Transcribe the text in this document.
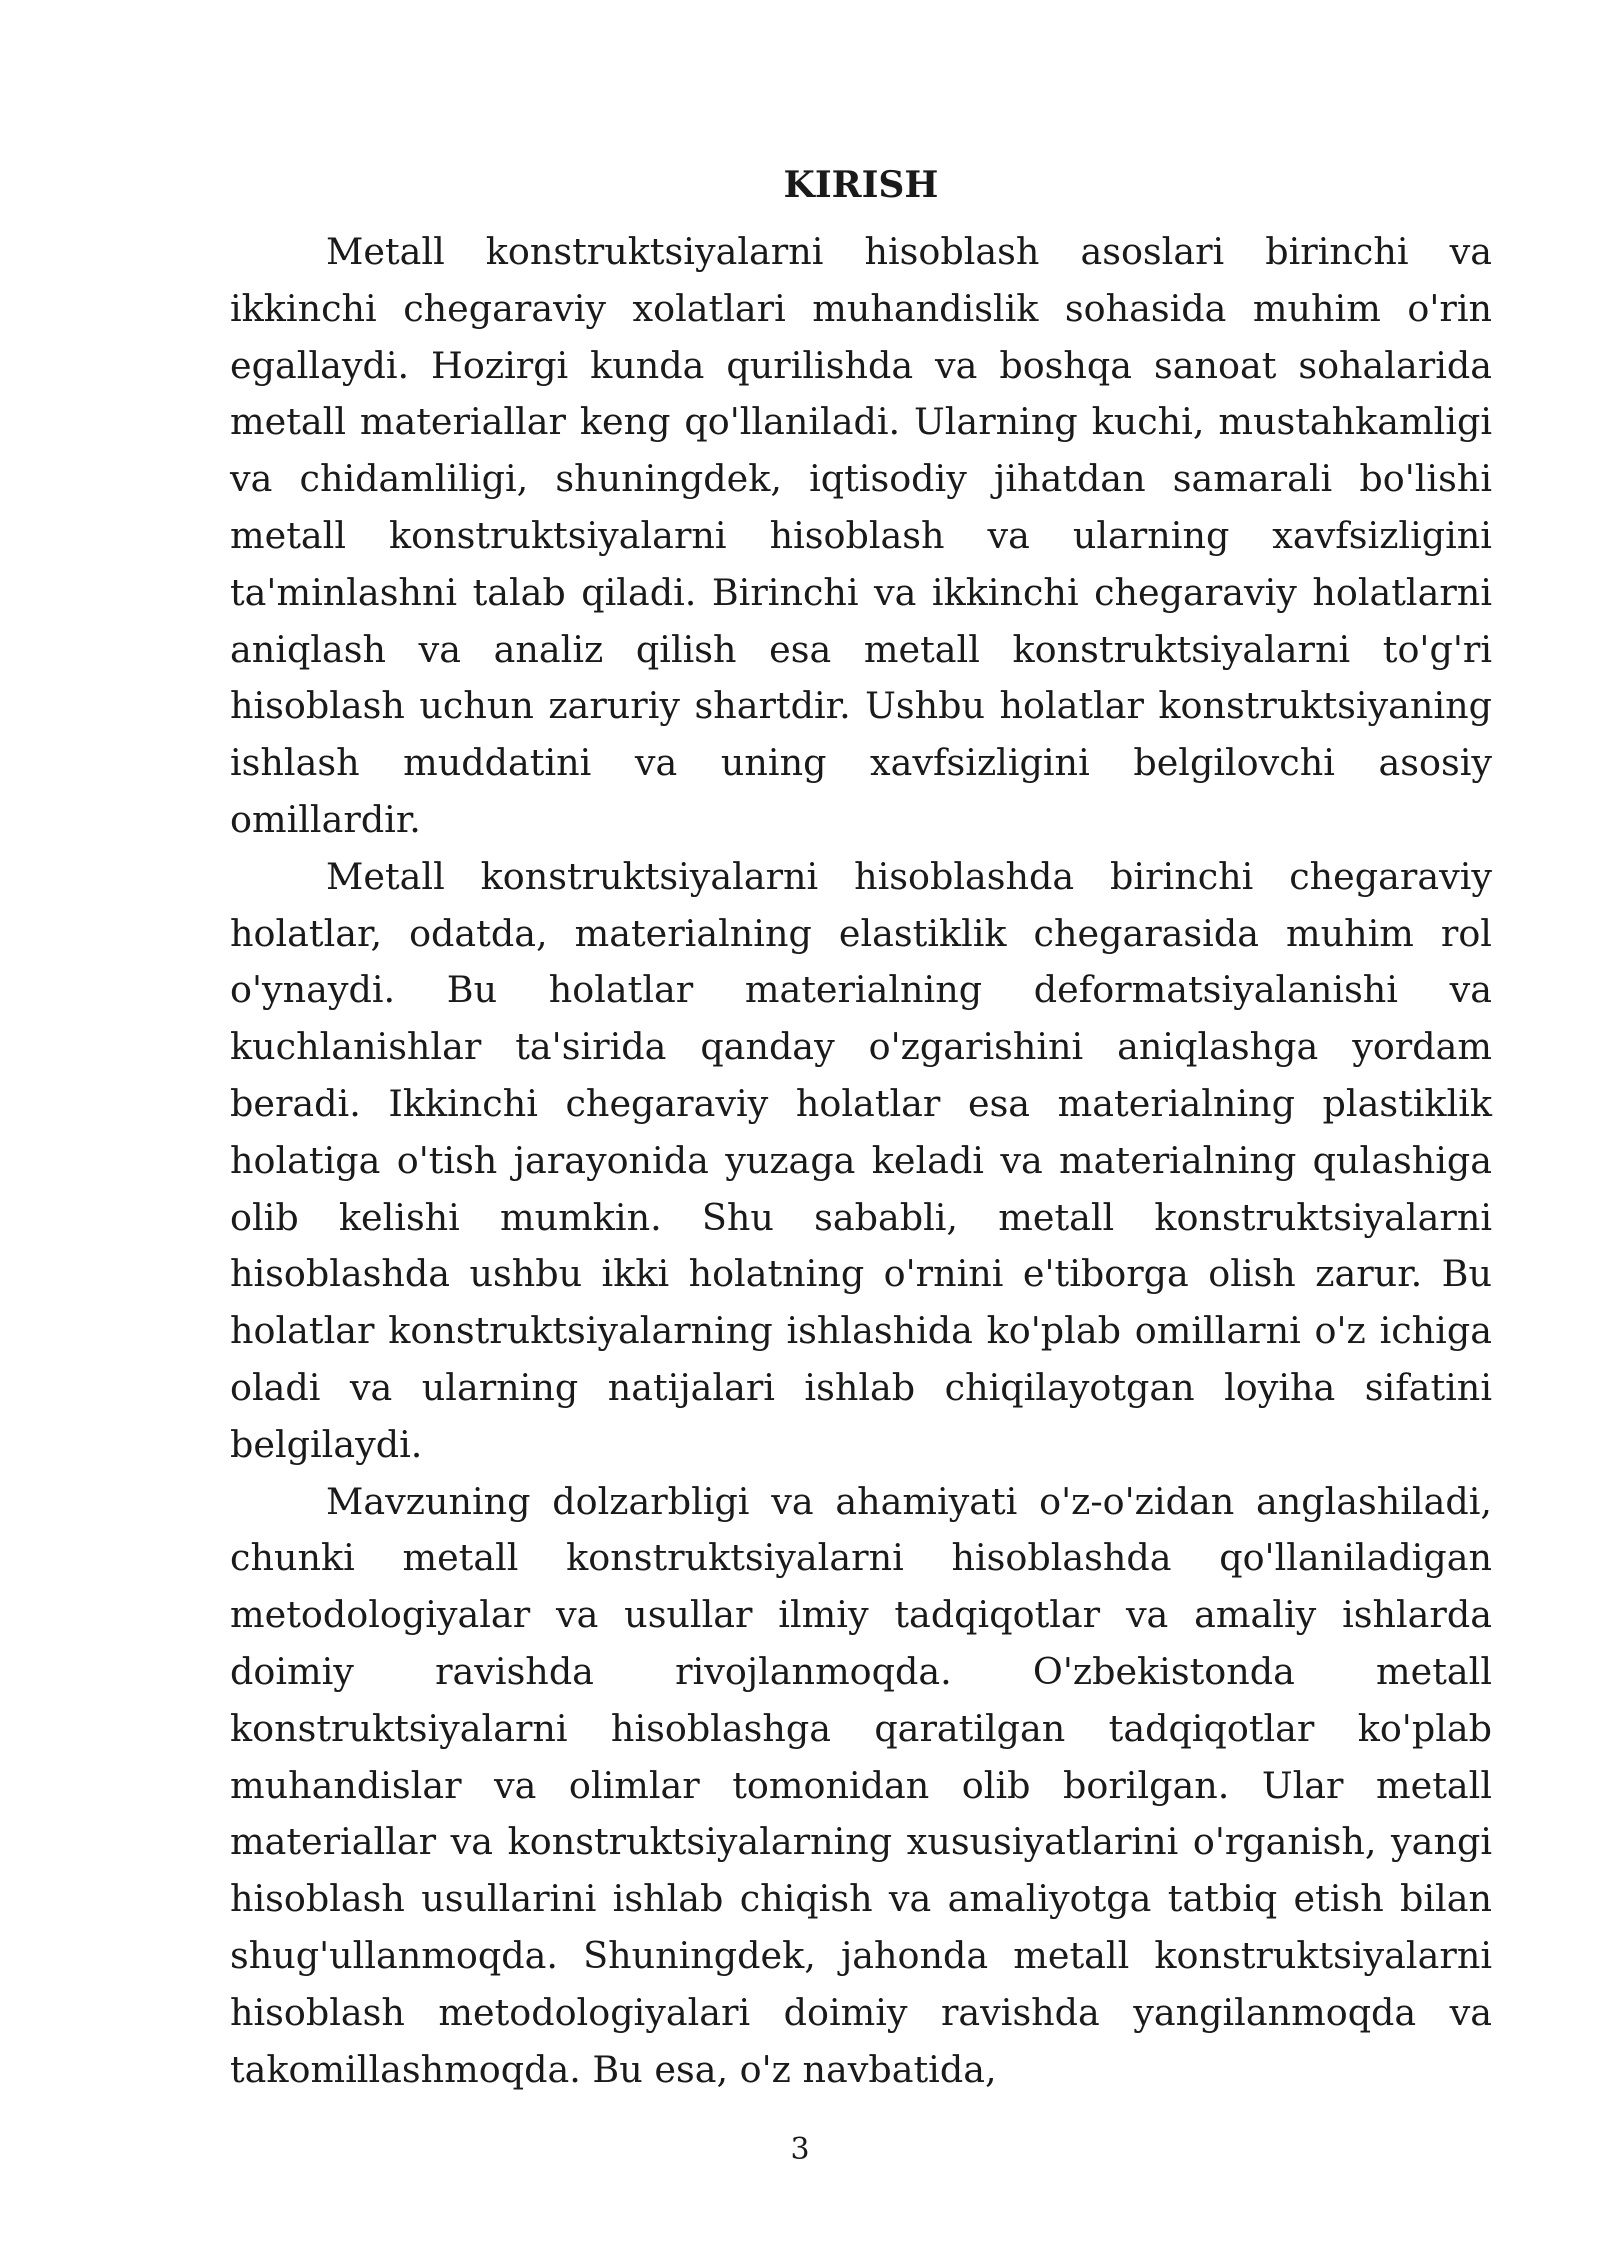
KIRISH

Metall konstruktsiyalarni hisoblash asoslari birinchi va ikkinchi chegaraviy xolatlari muhandislik sohasida muhim o'rin egallaydi. Hozirgi kunda qurilishda va boshqa sanoat sohalarida metall materiallar keng qo'llaniladi. Ularning kuchi, mustahkamligi va chidamliligi, shuningdek, iqtisodiy jihatdan samarali bo'lishi metall konstruktsiyalarni hisoblash va ularning xavfsizligini ta'minlashni talab qiladi. Birinchi va ikkinchi chegaraviy holatlarni aniqlash va analiz qilish esa metall konstruktsiyalarni to'g'ri hisoblash uchun zaruriy shartdir. Ushbu holatlar konstruktsiyaning ishlash muddatini va uning xavfsizligini belgilovchi asosiy omillardir.

Metall konstruktsiyalarni hisoblashda birinchi chegaraviy holatlar, odatda, materialning elastiklik chegarasida muhim rol o'ynaydi. Bu holatlar materialning deformatsiyalanishi va kuchlanishlar ta'sirida qanday o'zgarishini aniqlashga yordam beradi. Ikkinchi chegaraviy holatlar esa materialning plastiklik holatiga o'tish jarayonida yuzaga keladi va materialning qulashiga olib kelishi mumkin. Shu sababli, metall konstruktsiyalarni hisoblashda ushbu ikki holatning o'rnini e'tiborga olish zarur. Bu holatlar konstruktsiyalarning ishlashida ko'plab omillarni o'z ichiga oladi va ularning natijalari ishlab chiqilayotgan loyiha sifatini belgilaydi.

Mavzuning dolzarbligi va ahamiyati o'z-o'zidan anglashiladi, chunki metall konstruktsiyalarni hisoblashda qo'llaniladigan metodologiyalar va usullar ilmiy tadqiqotlar va amaliy ishlarda doimiy ravishda rivojlanmoqda. O'zbekistonda metall konstruktsiyalarni hisoblashga qaratilgan tadqiqotlar ko'plab muhandislar va olimlar tomonidan olib borilgan. Ular metall materiallar va konstruktsiyalarning xususiyatlarini o'rganish, yangi hisoblash usullarini ishlab chiqish va amaliyotga tatbiq etish bilan shug'ullanmoqda. Shuningdek, jahonda metall konstruktsiyalarni hisoblash metodologiyalari doimiy ravishda yangilanmoqda va takomillashmoqda. Bu esa, o'z navbatida,

3
